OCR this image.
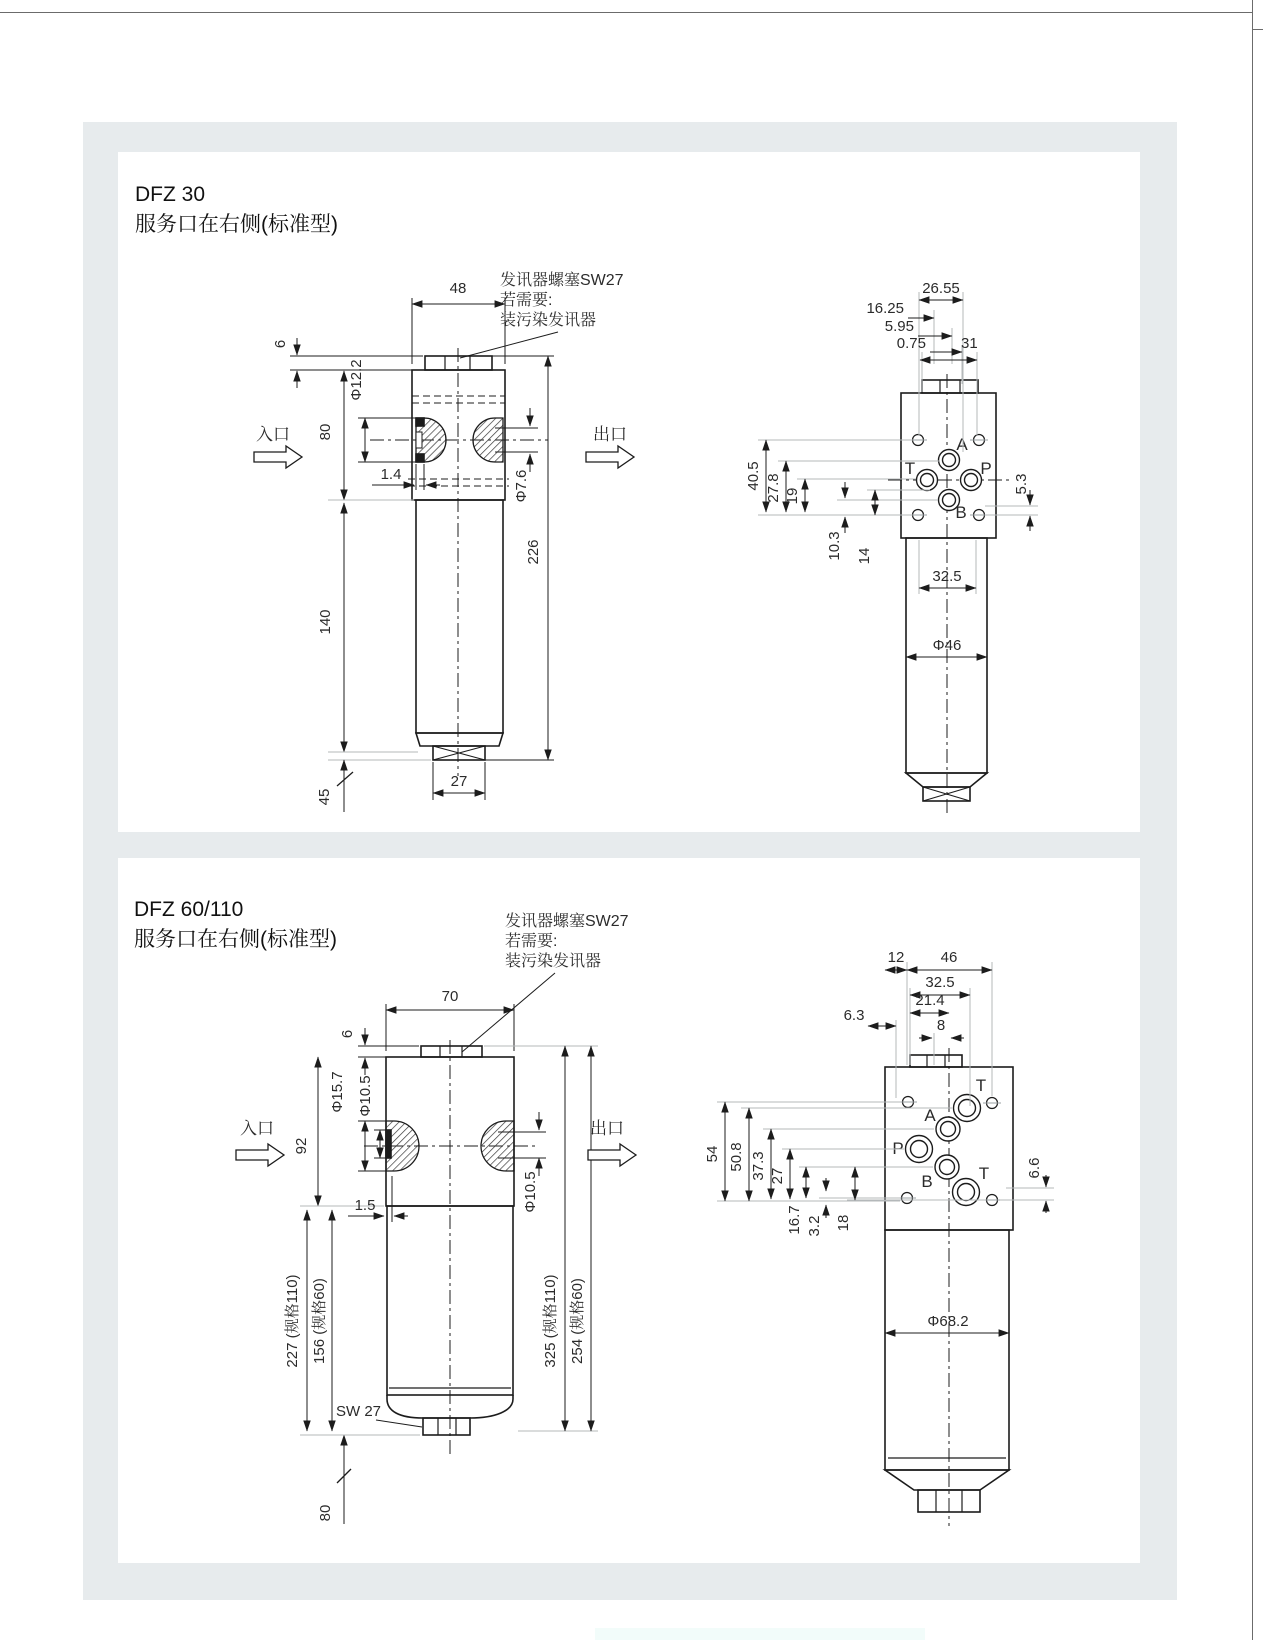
DFZ 30
服务口在右侧(标准型)
48
6
Φ12.2
80
1.4	Φ7.6
226
140
27
45
发讯器螺塞SW27
若需要:
装污染发讯器
入口	出口
A
T	P
B
26.55
16.25
5.95
0.75 31
40.5 27.8 19
10.3 14
5.3
32.5
Φ46
DFZ 60/110
服务口在右侧(标准型)
70
6
Φ15.7 Φ10.5
92
1.5	Φ10.5
SW 27
80
227 (规格110) 156 (规格60)	325 (规格110) 254 (规格60)
发讯器螺塞SW27
若需要:
装污染发讯器
入口	出口
T
A
P
B	T
12 46
32.5
21.4
6.3
8
54 50.8 37.3 27
16.7 3.2 18
6.6
Φ68.2
